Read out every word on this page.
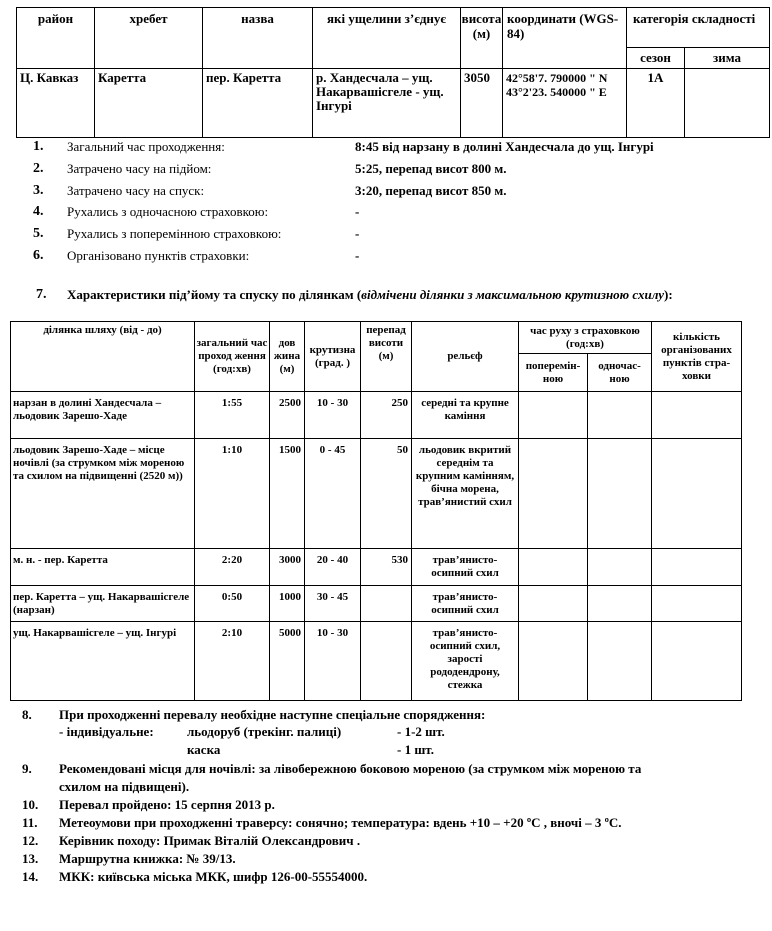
район	хребет	назва	які ущелини з’єднує	висота (м)	координати (WGS-84)	категорія складності	
						сезон	зима
Ц. Кавказ	Каретта	пер. Каретта	р. Хандесчала – ущ. Накарвашісгеле - ущ. Інгурі	3050	42°58'7. 790000 " N 43°2'23. 540000 " E	1А	
1. Загальний час проходження:	8:45 від нарзану в долині Хандесчала до ущ. Інгурі
2. Затрачено часу на підйом:	5:25, перепад висот 800 м.
3. Затрачено часу на спуск:	3:20, перепад висот 850 м.
4. Рухались з одночасною страховкою:	-
5. Рухались з поперемінною страховкою:	-
6. Організовано пунктів страховки:	-
7. Характеристики під’йому та спуску по ділянкам (відмічени ділянки з максимальною крутизною схилу):
ділянка шляху (від - до)	загальний час проход ження (год:хв)	дов жина (м)	крутизна (град. )	перепад висоти (м)	рельєф	час руху з страховкою (год:хв)		кількість організованих пунктів стра-ховки
						поперемін-ною	одночас-ною	
нарзан в долині Хандесчала – льодовик Зарешо-Хаде	1:55	2500	10 - 30	250	середні та крупне каміння			
льодовик Зарешо-Хаде – місце ночівлі (за струмком між мореною та схилом на підвищенні (2520 м))	1:10	1500	0 - 45	50	льодовик вкритий середнім та крупним камінням, бічна морена, трав’янистий схил			
м. н. - пер. Каретта	2:20	3000	20 - 40	530	трав’янисто-осипний схил			
пер. Каретта – ущ. Накарвашісгеле (нарзан)	0:50	1000	30 - 45		трав’янисто-осипний схил			
ущ. Накарвашісгеле – ущ. Інгурі	2:10	5000	10 - 30		трав’янисто-осипний схил, зарості рододендрону, стежка			
8.	При проходженні перевалу необхідне наступне спеціальне спорядження:
- індивідуальне:	льодоруб (трекінг. палиці)	- 1-2 шт.
каска	- 1 шт.
9.	Рекомендовані місця для ночівлі: за лівобережною боковою мореною (за струмком між мореною та схилом на підвищені).
10.	Перевал пройдено: 15 серпня 2013 р.
11.	Метеоумови при проходженні траверсу: сонячно; температура: вдень +10 – +20 ºС , вночі – 3 ºС.
12.	Керівник походу: Примак Віталій Олександрович .
13.	Маршрутна книжка: № 39/13.
14.	МКК: київська міська МКК, шифр 126-00-55554000.
